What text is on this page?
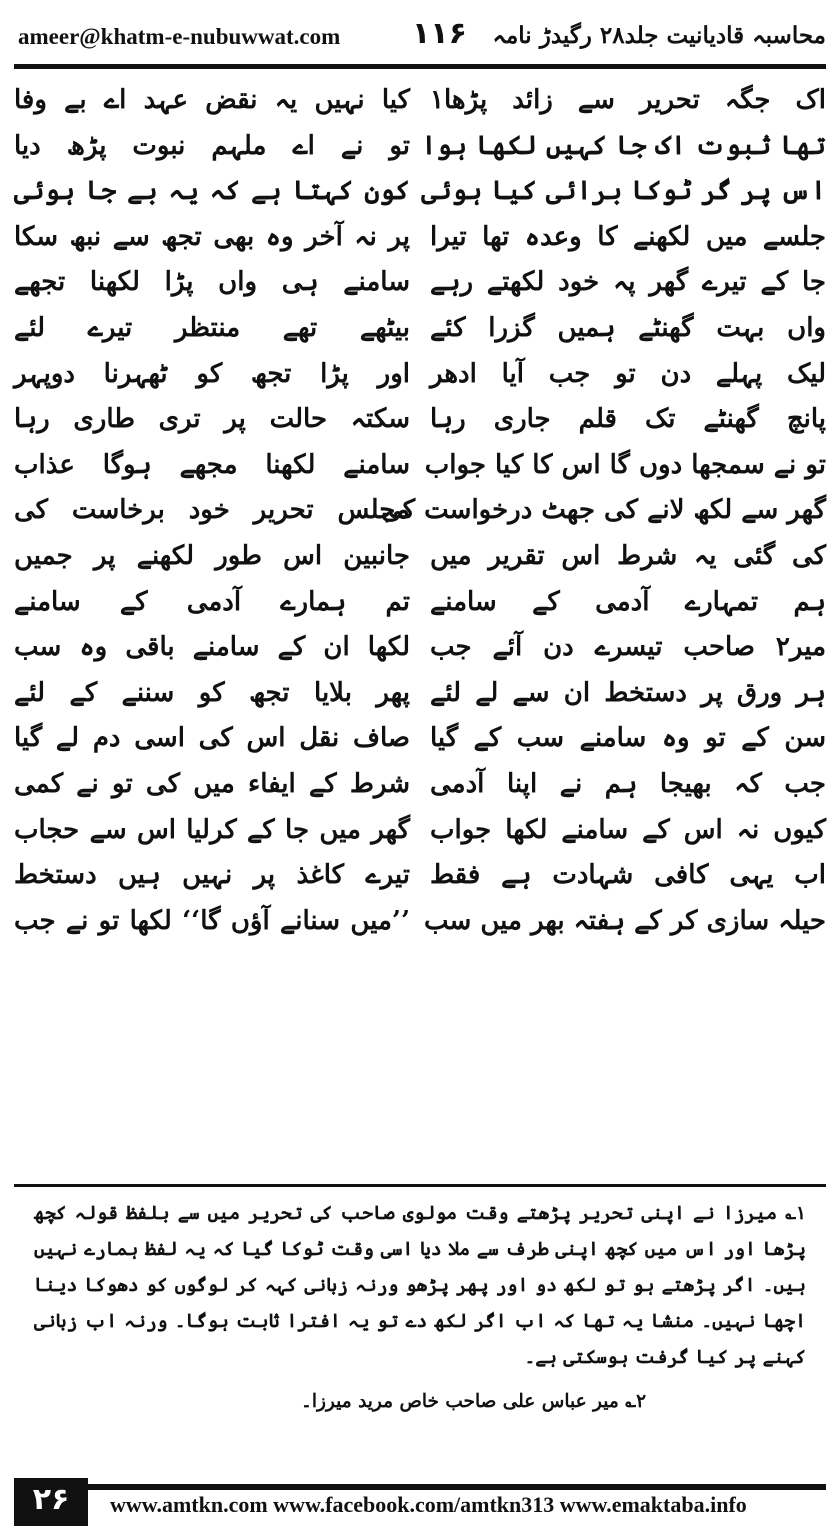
ameer@khatm-e-nubuwwat.com ۱۱۶ محاسبہ قادیانیت جلد۲۸ رگیدڑ نامہ
اک جگہ تحریر سے زائد پڑھا۱
تھا ثبوت اک جا کہیں لکھا ہوا
اس پر گر ٹوکا برائی کیا ہوئی
جلسے میں لکھنے کا وعدہ تھا تیرا
جا کے تیرے گھر پہ خود لکھتے رہے
واں بہت گھنٹے ہمیں گزرا کئے
لیک پہلے دن تو جب آیا ادھر
پانچ گھنٹے تک قلم جاری رہا
تو نے سمجھا دوں گا اس کا کیا جواب
گھر سے لکھ لانے کی جھٹ درخواست کی
کی گئی یہ شرط اس تقریر میں
ہم تمہارے آدمی کے سامنے
میر۲ صاحب تیسرے دن آئے جب
ہر ورق پر دستخط ان سے لے لئے
سن کے تو وہ سامنے سب کے گیا
جب کہ بھیجا ہم نے اپنا آدمی
کیوں نہ اس کے سامنے لکھا جواب
اب یہی کافی شہادت ہے فقط
حیلہ سازی کر کے ہفتہ بھر میں سب
کیا نہیں یہ نقض عہد اے بے وفا
تو نے اے ملہم نبوت پڑھ دیا
کون کہتا ہے کہ یہ بے جا ہوئی
پر نہ آخر وہ بھی تجھ سے نبھ سکا
سامنے ہی واں پڑا لکھنا تجھے
بیٹھے تھے منتظر تیرے لئے
اور پڑا تجھ کو ٹھہرنا دوپہر
سکتہ حالت پر تری طاری رہا
سامنے لکھنا مجھے ہوگا عذاب
مجلس تحریر خود برخاست کی
جانبین اس طور لکھنے پر جمیں
تم ہمارے آدمی کے سامنے
لکھا ان کے سامنے باقی وہ سب
پھر بلایا تجھ کو سننے کے لئے
صاف نقل اس کی اسی دم لے گیا
شرط کے ایفاء میں کی تو نے کمی
گھر میں جا کے کرلیا اس سے حجاب
تیرے کاغذ پر نہیں ہیں دستخط
’’میں سنانے آؤں گا‘‘ لکھا تو نے جب

۱؎ میرزا نے اپنی تحریر پڑھتے وقت مولوی صاحب کی تحریر میں سے بلفظ قولہ کچھ پڑھا اور اس میں کچھ اپنی طرف سے ملا دیا اسی وقت ٹوکا گیا کہ یہ لفظ ہمارے نہیں ہیں۔ اگر پڑھتے ہو تو لکھ دو اور پھر پڑھو ورنہ زبانی کہہ کر لوگوں کو دھوکا دینا اچھا نہیں۔ منشا یہ تھا کہ اب اگر لکھ دے تو یہ افترا ثابت ہوگا۔ ورنہ اب زبانی کہنے پر کیا گرفت ہوسکتی ہے۔

۲؎ میر عباس علی صاحب خاص مرید میرزا۔
۲۶	www.amtkn.com www.facebook.com/amtkn313 www.emaktaba.info
